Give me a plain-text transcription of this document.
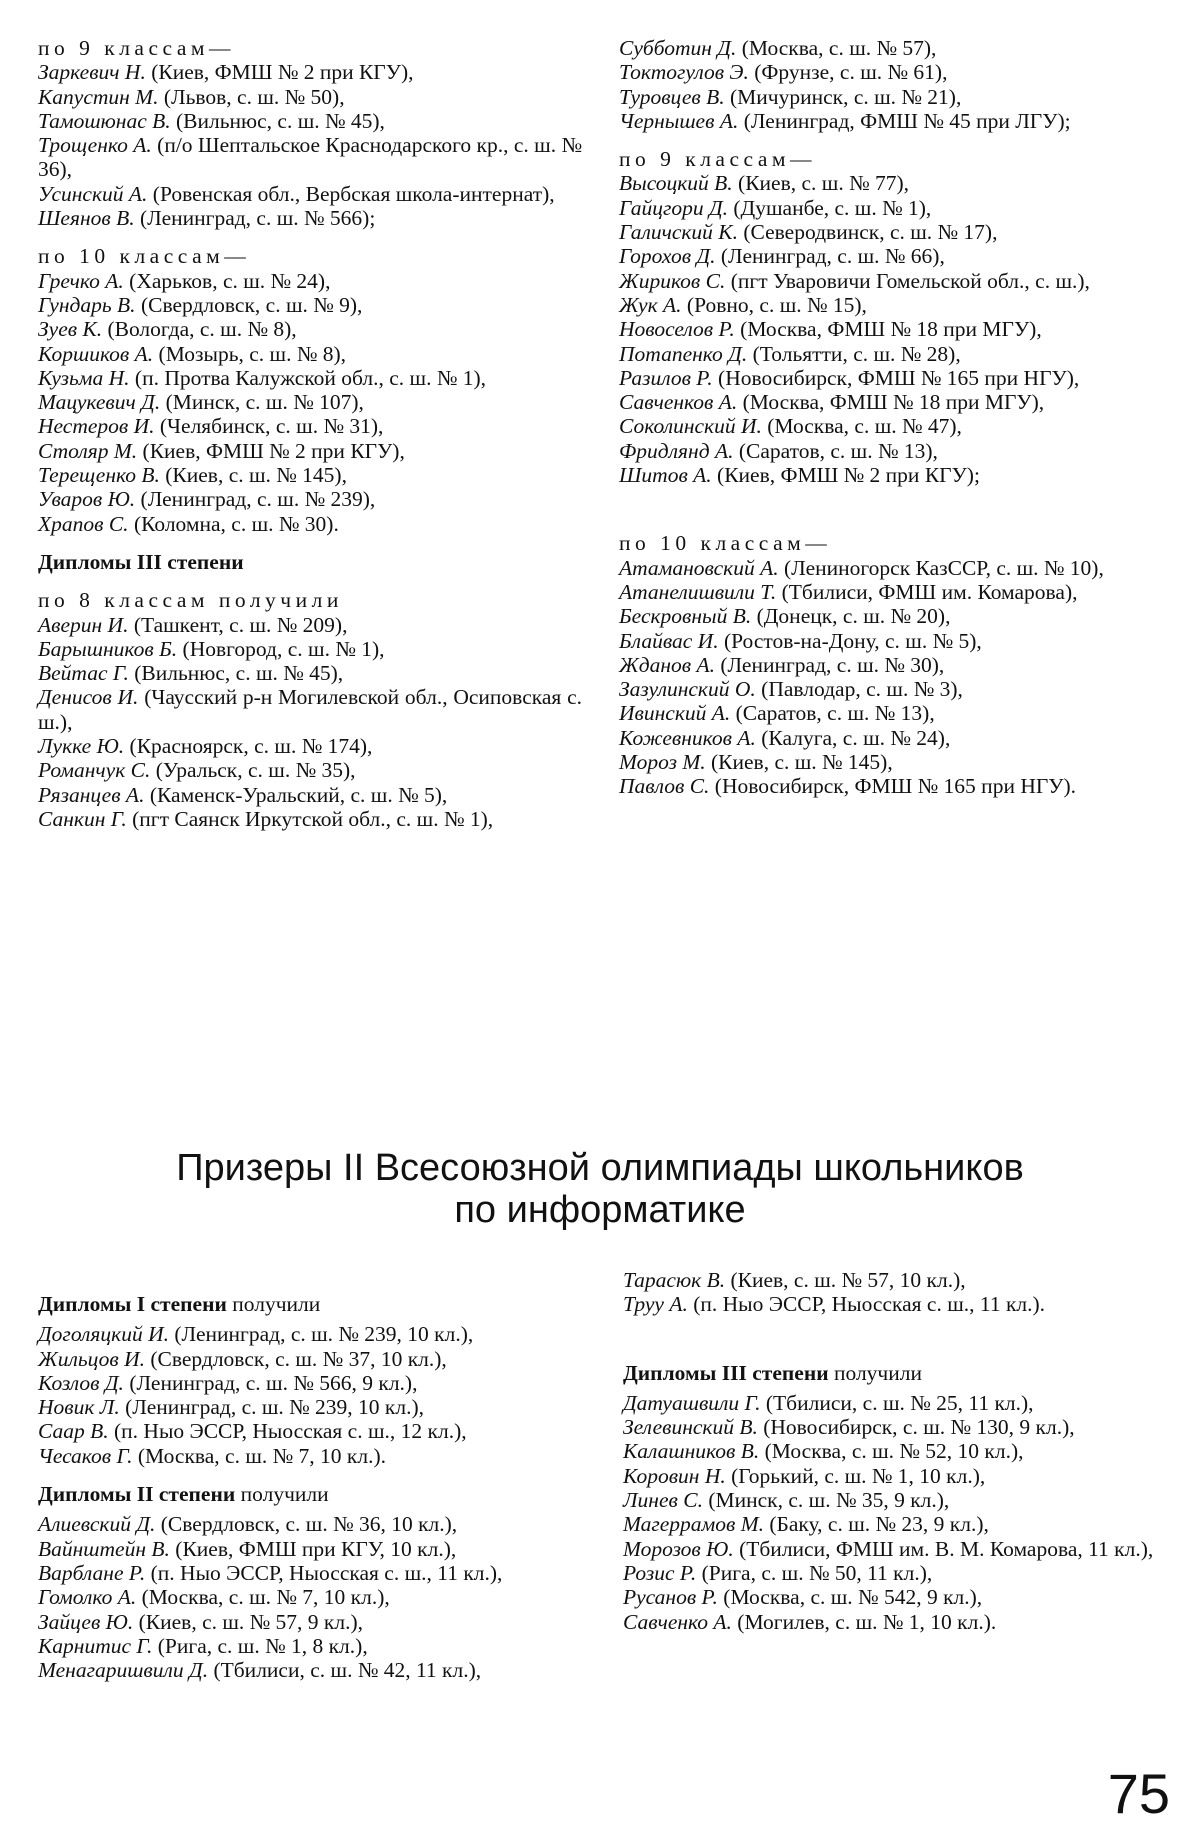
по 9 классам—

Заркевич Н. (Киев, ФМШ № 2 при КГУ),

Капустин М. (Львов, с. ш. № 50),

Тамошюнас В. (Вильнюс, с. ш. № 45),

Трощенко А. (п/о Шептальское Краснодарского кр., с. ш. № 36),

Усинский А. (Ровенская обл., Вербская школа-интернат),

Шеянов В. (Ленинград, с. ш. № 566);

по 10 классам—

Гречко А. (Харьков, с. ш. № 24),

Гундарь В. (Свердловск, с. ш. № 9),

Зуев К. (Вологда, с. ш. № 8),

Коршиков А. (Мозырь, с. ш. № 8),

Кузьма Н. (п. Протва Калужской обл., с. ш. № 1),

Мацукевич Д. (Минск, с. ш. № 107),

Нестеров И. (Челябинск, с. ш. № 31),

Столяр М. (Киев, ФМШ № 2 при КГУ),

Терещенко В. (Киев, с. ш. № 145),

Уваров Ю. (Ленинград, с. ш. № 239),

Храпов С. (Коломна, с. ш. № 30).

Дипломы III степени

по 8 классам получили

Аверин И. (Ташкент, с. ш. № 209),

Барышников Б. (Новгород, с. ш. № 1),

Вейтас Г. (Вильнюс, с. ш. № 45),

Денисов И. (Чаусский р-н Могилевской обл., Осиповская с. ш.),

Лукке Ю. (Красноярск, с. ш. № 174),

Романчук С. (Уральск, с. ш. № 35),

Рязанцев А. (Каменск-Уральский, с. ш. № 5),

Санкин Г. (пгт Саянск Иркутской обл., с. ш. № 1),

Субботин Д. (Москва, с. ш. № 57),

Токтогулов Э. (Фрунзе, с. ш. № 61),

Туровцев В. (Мичуринск, с. ш. № 21),

Чернышев А. (Ленинград, ФМШ № 45 при ЛГУ);

по 9 классам—

Высоцкий В. (Киев, с. ш. № 77),

Гайцгори Д. (Душанбе, с. ш. № 1),

Галичский К. (Северодвинск, с. ш. № 17),

Горохов Д. (Ленинград, с. ш. № 66),

Жириков С. (пгт Уваровичи Гомельской обл., с. ш.),

Жук А. (Ровно, с. ш. № 15),

Новоселов Р. (Москва, ФМШ № 18 при МГУ),

Потапенко Д. (Тольятти, с. ш. № 28),

Разилов Р. (Новосибирск, ФМШ № 165 при НГУ),

Савченков А. (Москва, ФМШ № 18 при МГУ),

Соколинский И. (Москва, с. ш. № 47),

Фридлянд А. (Саратов, с. ш. № 13),

Шитов А. (Киев, ФМШ № 2 при КГУ);

по 10 классам—

Атамановский А. (Лениногорск КазССР, с. ш. № 10),

Атанелишвили Т. (Тбилиси, ФМШ им. Комарова),

Бескровный В. (Донецк, с. ш. № 20),

Блайвас И. (Ростов-на-Дону, с. ш. № 5),

Жданов А. (Ленинград, с. ш. № 30),

Зазулинский О. (Павлодар, с. ш. № 3),

Ивинский А. (Саратов, с. ш. № 13),

Кожевников А. (Калуга, с. ш. № 24),

Мороз М. (Киев, с. ш. № 145),

Павлов С. (Новосибирск, ФМШ № 165 при НГУ).

Призеры II Всесоюзной олимпиады школьников
по информатике

Дипломы I степени получили

Доголяцкий И. (Ленинград, с. ш. № 239, 10 кл.),

Жильцов И. (Свердловск, с. ш. № 37, 10 кл.),

Козлов Д. (Ленинград, с. ш. № 566, 9 кл.),

Новик Л. (Ленинград, с. ш. № 239, 10 кл.),

Саар В. (п. Ныо ЭССР, Ныосская с. ш., 12 кл.),

Чесаков Г. (Москва, с. ш. № 7, 10 кл.).

Дипломы II степени получили

Алиевский Д. (Свердловск, с. ш. № 36, 10 кл.),

Вайнштейн В. (Киев, ФМШ при КГУ, 10 кл.),

Варблане Р. (п. Ныо ЭССР, Ныосская с. ш., 11 кл.),

Гомолко А. (Москва, с. ш. № 7, 10 кл.),

Зайцев Ю. (Киев, с. ш. № 57, 9 кл.),

Карнитис Г. (Рига, с. ш. № 1, 8 кл.),

Менагаришвили Д. (Тбилиси, с. ш. № 42, 11 кл.),

Тарасюк В. (Киев, с. ш. № 57, 10 кл.),

Труу А. (п. Ныо ЭССР, Ныосская с. ш., 11 кл.).

Дипломы III степени получили

Датуашвили Г. (Тбилиси, с. ш. № 25, 11 кл.),

Зелевинский В. (Новосибирск, с. ш. № 130, 9 кл.),

Калашников В. (Москва, с. ш. № 52, 10 кл.),

Коровин Н. (Горький, с. ш. № 1, 10 кл.),

Линев С. (Минск, с. ш. № 35, 9 кл.),

Магеррамов М. (Баку, с. ш. № 23, 9 кл.),

Морозов Ю. (Тбилиси, ФМШ им. В. М. Комарова, 11 кл.),

Розис Р. (Рига, с. ш. № 50, 11 кл.),

Русанов Р. (Москва, с. ш. № 542, 9 кл.),

Савченко А. (Могилев, с. ш. № 1, 10 кл.).

75
